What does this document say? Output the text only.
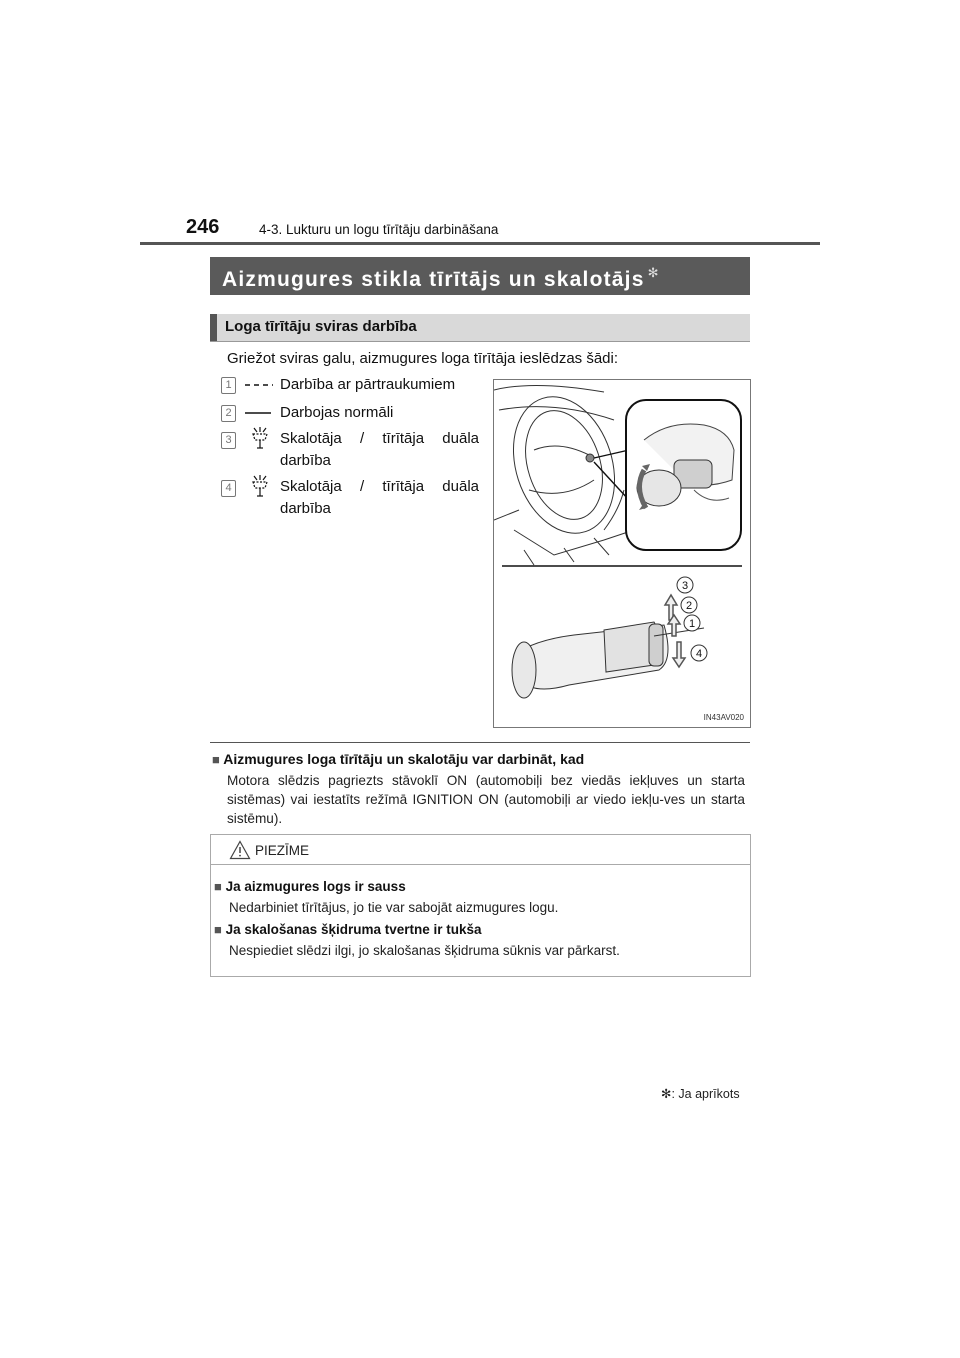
246	4-3. Lukturu un logu tīrītāju darbināšana
Aizmugures stikla tīrītājs un skalotājs ✻
Loga tīrītāju sviras darbība
Griežot sviras galu, aizmugures loga tīrītāja ieslēdzas šādi:
1	Darbība ar pārtraukumiem
2	Darbojas normāli
3	Skalotāja / tīrītāja duāla
darbība
4	Skalotāja / tīrītāja duāla
darbība
3
2
1
4
IN43AV020
■ Aizmugures loga tīrītāju un skalotāju var darbināt, kad
Motora slēdzis pagriezts stāvoklī ON (automobiļi bez viedās iekļuves un starta sistēmas) vai iestatīts režīmā IGNITION ON (automobiļi ar viedo iekļu-ves un starta sistēmu).
PIEZĪME
■ Ja aizmugures logs ir sauss
Nedarbiniet tīrītājus, jo tie var sabojāt aizmugures logu.
■ Ja skalošanas šķidruma tvertne ir tukša
Nespiediet slēdzi ilgi, jo skalošanas šķidruma sūknis var pārkarst.
✻: Ja aprīkots
